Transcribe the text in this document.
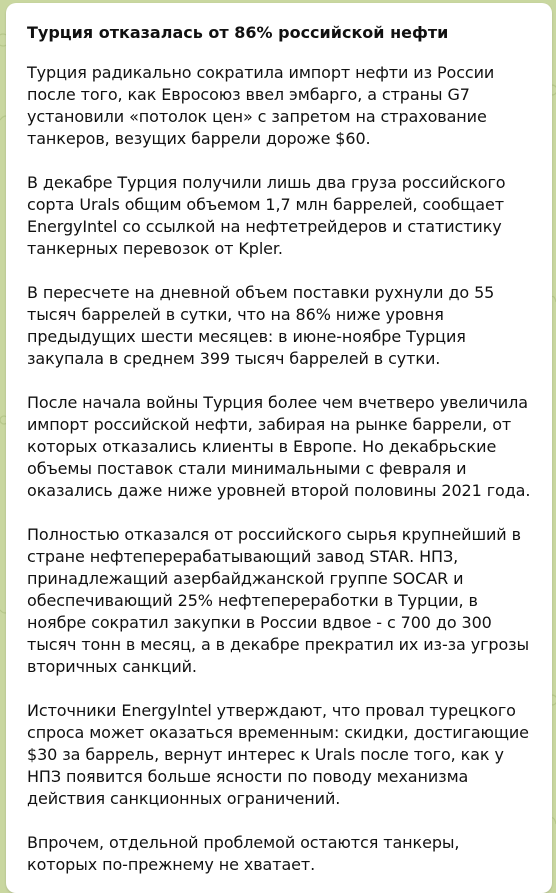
Турция отказалась от 86% российской нефти
Турция радикально сократила импорт нефти из России после того, как Евросоюз ввел эмбарго, а страны G7 установили «потолок цен» с запретом на страхование танкеров, везущих баррели дороже $60.
В декабре Турция получили лишь два груза российского сорта Urals общим объемом 1,7 млн баррелей, сообщает EnergyIntel со ссылкой на нефтетрейдеров и статистику танкерных перевозок от Kpler.
В пересчете на дневной объем поставки рухнули до 55 тысяч баррелей в сутки, что на 86% ниже уровня предыдущих шести месяцев: в июне-ноябре Турция закупала в среднем 399 тысяч баррелей в сутки.
После начала войны Турция более чем вчетверо увеличила импорт российской нефти, забирая на рынке баррели, от которых отказались клиенты в Европе. Но декабрьские объемы поставок стали минимальными с февраля и оказались даже ниже уровней второй половины 2021 года.
Полностью отказался от российского сырья крупнейший в стране нефтеперерабатывающий завод STAR. НПЗ, принадлежащий азербайджанской группе SOCAR и обеспечивающий 25% нефтепереработки в Турции, в ноябре сократил закупки в России вдвое - с 700 до 300 тысяч тонн в месяц, а в декабре прекратил их из-за угрозы вторичных санкций.
Источники EnergyIntel утверждают, что провал турецкого спроса может оказаться временным: скидки, достигающие $30 за баррель, вернут интерес к Urals после того, как у НПЗ появится больше ясности по поводу механизма действия санкционных ограничений.
Впрочем, отдельной проблемой остаются танкеры, которых по-прежнему не хватает.
